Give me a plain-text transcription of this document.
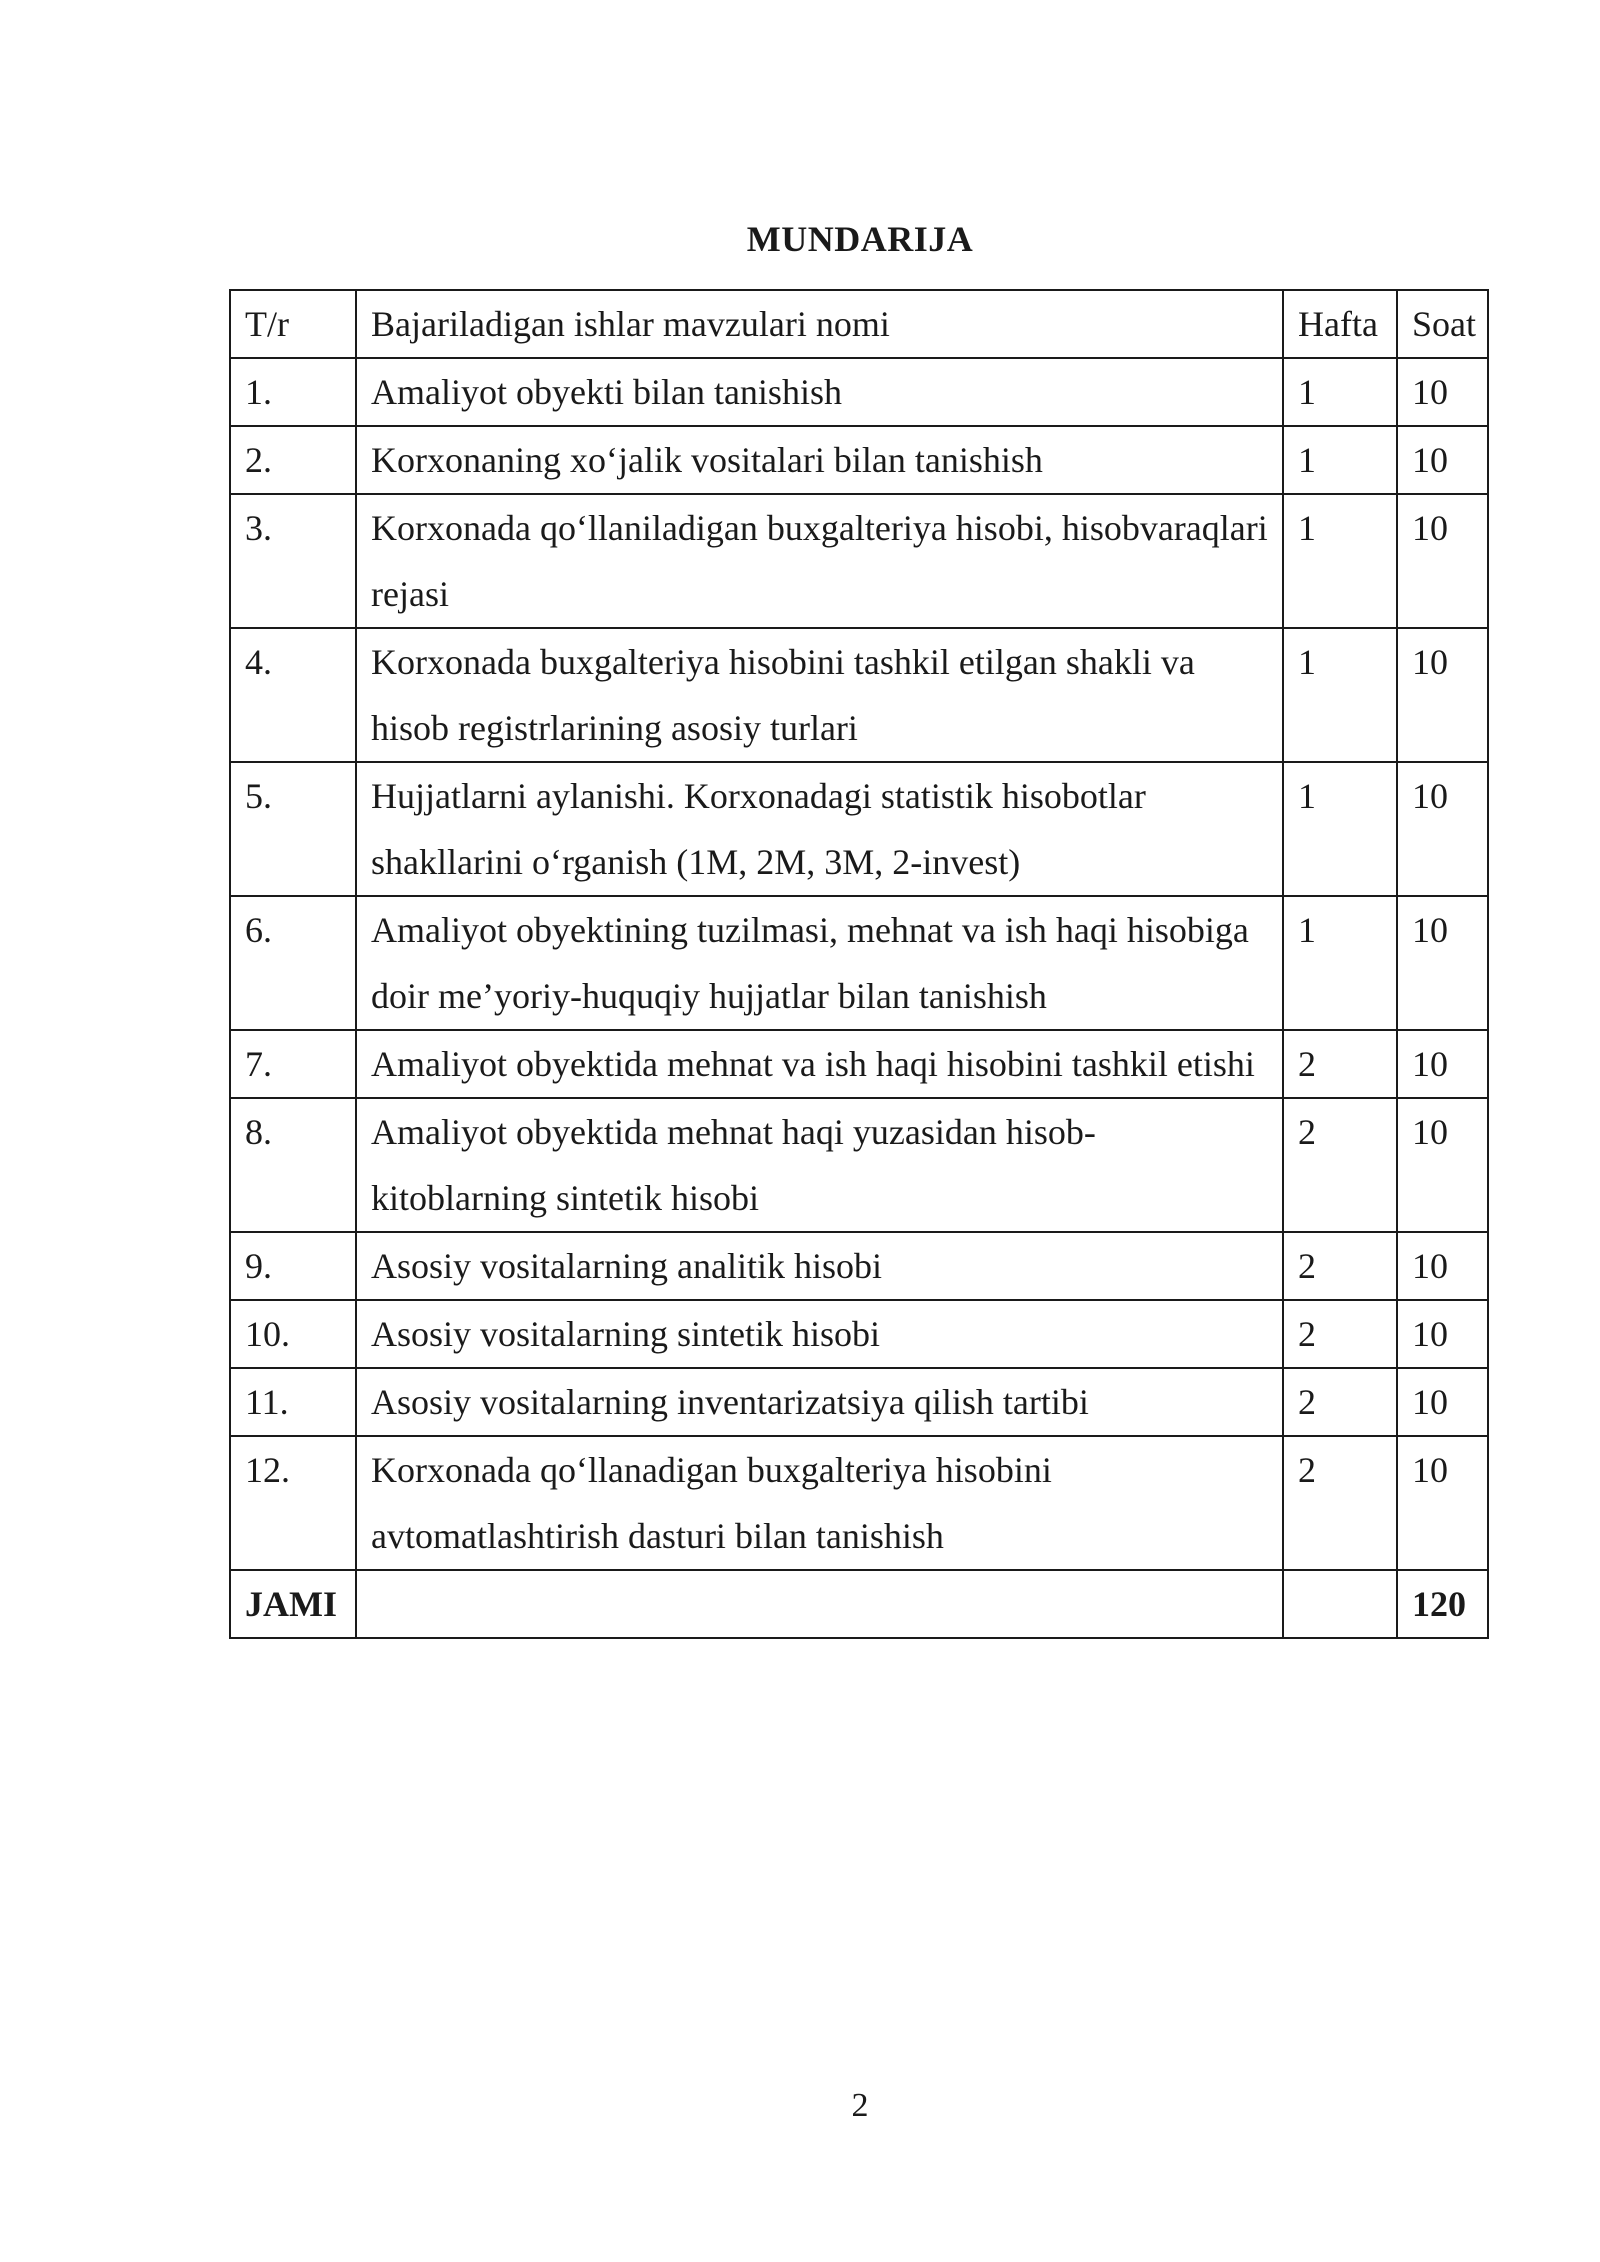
MUNDARIJA
T/r	Bajariladigan ishlar mavzulari nomi	Hafta	Soat
1.	Amaliyot obyekti bilan tanishish	1	10
2.	Korxonaning xo‘jalik vositalari bilan tanishish	1	10
3.	Korxonada qo‘llaniladigan buxgalteriya hisobi, hisobvaraqlari rejasi	1	10
4.	Korxonada buxgalteriya hisobini tashkil etilgan shakli va hisob registrlarining asosiy turlari	1	10
5.	Hujjatlarni aylanishi. Korxonadagi statistik hisobotlar shakllarini o‘rganish (1M, 2M, 3M, 2-invest)	1	10
6.	Amaliyot obyektining tuzilmasi, mehnat va ish haqi hisobiga doir me’yoriy-huquqiy hujjatlar bilan tanishish	1	10
7.	Amaliyot obyektida mehnat va ish haqi hisobini tashkil etishi	2	10
8.	Amaliyot obyektida mehnat haqi yuzasidan hisob-kitoblarning sintetik hisobi	2	10
9.	Asosiy vositalarning analitik hisobi	2	10
10.	Asosiy vositalarning sintetik hisobi	2	10
11.	Asosiy vositalarning inventarizatsiya qilish tartibi	2	10
12.	Korxonada qo‘llanadigan buxgalteriya hisobini avtomatlashtirish dasturi bilan tanishish	2	10
JAMI			120
2
